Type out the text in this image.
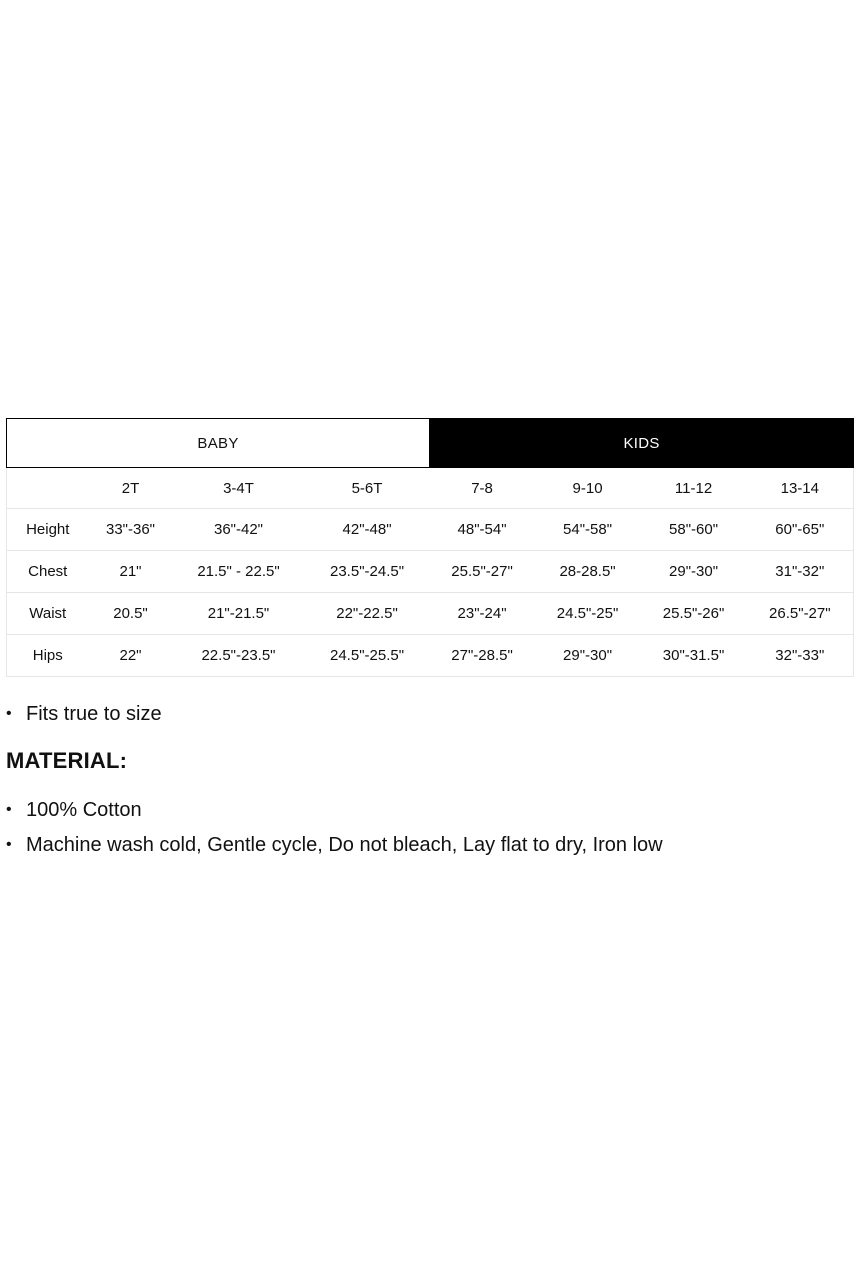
BABY				KIDS			
	2T	3-4T	5-6T	7-8	9-10	11-12	13-14
Height	33"-36"	36"-42"	42"-48"	48"-54"	54"-58"	58"-60"	60"-65"
Chest	21"	21.5" - 22.5"	23.5"-24.5"	25.5"-27"	28-28.5"	29"-30"	31"-32"
Waist	20.5"	21"-21.5"	22"-22.5"	23"-24"	24.5"-25"	25.5"-26"	26.5"-27"
Hips	22"	22.5"-23.5"	24.5"-25.5"	27"-28.5"	29"-30"	30"-31.5"	32"-33"
• Fits true to size
MATERIAL:
• 100% Cotton
• Machine wash cold, Gentle cycle, Do not bleach, Lay flat to dry, Iron low
